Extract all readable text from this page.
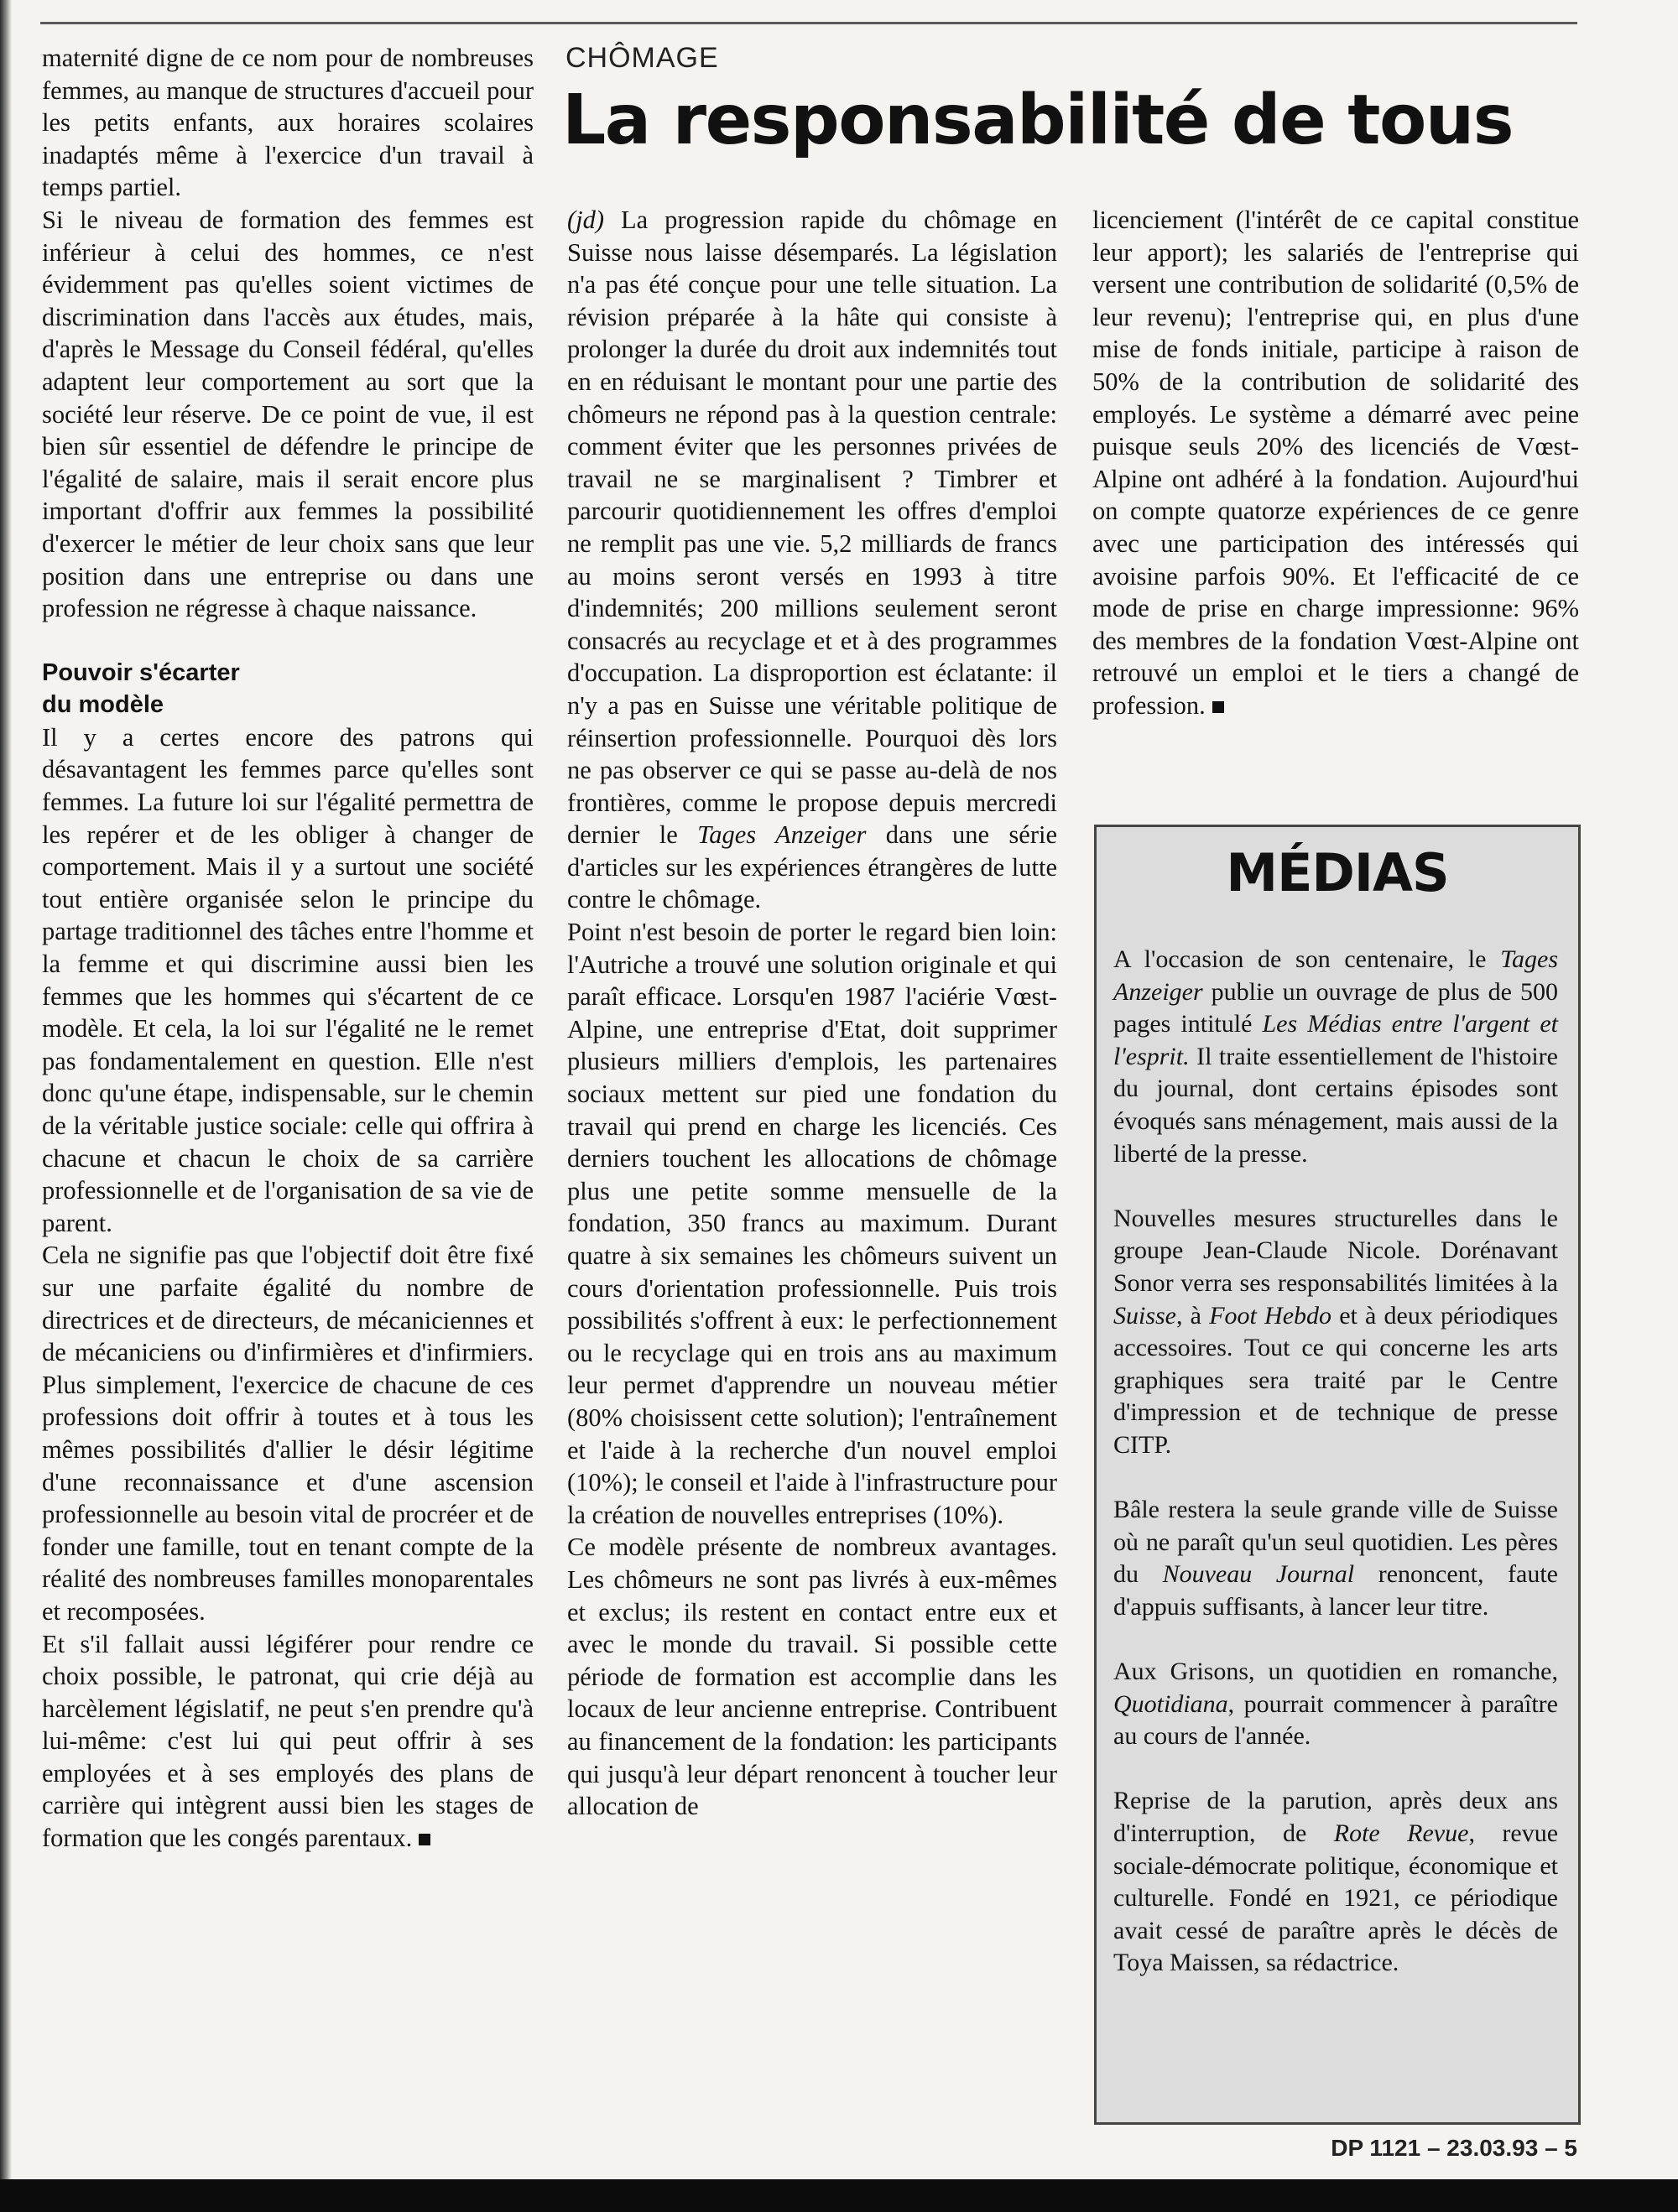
maternité digne de ce nom pour de nombreuses femmes, au manque de structures d'accueil pour les petits enfants, aux horaires scolaires inadaptés même à l'exercice d'un travail à temps partiel.

Si le niveau de formation des femmes est inférieur à celui des hommes, ce n'est évidemment pas qu'elles soient victimes de discrimination dans l'accès aux études, mais, d'après le Message du Conseil fédéral, qu'elles adaptent leur comportement au sort que la société leur réserve. De ce point de vue, il est bien sûr essentiel de défendre le principe de l'égalité de salaire, mais il serait encore plus important d'offrir aux femmes la possibilité d'exercer le métier de leur choix sans que leur position dans une entreprise ou dans une profession ne régresse à chaque naissance.

Pouvoir s'écarter
du modèle

Il y a certes encore des patrons qui désavantagent les femmes parce qu'elles sont femmes. La future loi sur l'égalité permettra de les repérer et de les obliger à changer de comportement. Mais il y a surtout une société tout entière organisée selon le principe du partage traditionnel des tâches entre l'homme et la femme et qui discrimine aussi bien les femmes que les hommes qui s'écartent de ce modèle. Et cela, la loi sur l'égalité ne le remet pas fondamentalement en question. Elle n'est donc qu'une étape, indispensable, sur le chemin de la véritable justice sociale: celle qui offrira à chacune et chacun le choix de sa carrière professionnelle et de l'organisation de sa vie de parent.

Cela ne signifie pas que l'objectif doit être fixé sur une parfaite égalité du nombre de directrices et de directeurs, de mécaniciennes et de mécaniciens ou d'infirmières et d'infirmiers. Plus simplement, l'exercice de chacune de ces professions doit offrir à toutes et à tous les mêmes possibilités d'allier le désir légitime d'une reconnaissance et d'une ascension professionnelle au besoin vital de procréer et de fonder une famille, tout en tenant compte de la réalité des nombreuses familles monoparentales et recomposées.

Et s'il fallait aussi légiférer pour rendre ce choix possible, le patronat, qui crie déjà au harcèlement législatif, ne peut s'en prendre qu'à lui-même: c'est lui qui peut offrir à ses employées et à ses employés des plans de carrière qui intègrent aussi bien les stages de formation que les congés parentaux.

CHÔMAGE
La responsabilité de tous

(jd) La progression rapide du chômage en Suisse nous laisse désemparés. La législation n'a pas été conçue pour une telle situation. La révision préparée à la hâte qui consiste à prolonger la durée du droit aux indemnités tout en en réduisant le montant pour une partie des chômeurs ne répond pas à la question centrale: comment éviter que les personnes privées de travail ne se marginalisent ? Timbrer et parcourir quotidiennement les offres d'emploi ne remplit pas une vie. 5,2 milliards de francs au moins seront versés en 1993 à titre d'indemnités; 200 millions seulement seront consacrés au recyclage et et à des programmes d'occupation. La disproportion est éclatante: il n'y a pas en Suisse une véritable politique de réinsertion professionnelle. Pourquoi dès lors ne pas observer ce qui se passe au-delà de nos frontières, comme le propose depuis mercredi dernier le Tages Anzeiger dans une série d'articles sur les expériences étrangères de lutte contre le chômage.

Point n'est besoin de porter le regard bien loin: l'Autriche a trouvé une solution originale et qui paraît efficace. Lorsqu'en 1987 l'aciérie Vœst-Alpine, une entreprise d'Etat, doit supprimer plusieurs milliers d'emplois, les partenaires sociaux mettent sur pied une fondation du travail qui prend en charge les licenciés. Ces derniers touchent les allocations de chômage plus une petite somme mensuelle de la fondation, 350 francs au maximum. Durant quatre à six semaines les chômeurs suivent un cours d'orientation professionnelle. Puis trois possibilités s'offrent à eux: le perfectionnement ou le recyclage qui en trois ans au maximum leur permet d'apprendre un nouveau métier (80% choisissent cette solution); l'entraînement et l'aide à la recherche d'un nouvel emploi (10%); le conseil et l'aide à l'infrastructure pour la création de nouvelles entreprises (10%).

Ce modèle présente de nombreux avantages. Les chômeurs ne sont pas livrés à eux-mêmes et exclus; ils restent en contact entre eux et avec le monde du travail. Si possible cette période de formation est accomplie dans les locaux de leur ancienne entreprise. Contribuent au financement de la fondation: les participants qui jusqu'à leur départ renoncent à toucher leur allocation de

licenciement (l'intérêt de ce capital constitue leur apport); les salariés de l'entreprise qui versent une contribution de solidarité (0,5% de leur revenu); l'entreprise qui, en plus d'une mise de fonds initiale, participe à raison de 50% de la contribution de solidarité des employés. Le système a démarré avec peine puisque seuls 20% des licenciés de Vœst-Alpine ont adhéré à la fondation. Aujourd'hui on compte quatorze expériences de ce genre avec une participation des intéressés qui avoisine parfois 90%. Et l'efficacité de ce mode de prise en charge impressionne: 96% des membres de la fondation Vœst-Alpine ont retrouvé un emploi et le tiers a changé de profession.

MÉDIAS

A l'occasion de son centenaire, le Tages Anzeiger publie un ouvrage de plus de 500 pages intitulé Les Médias entre l'argent et l'esprit. Il traite essentiellement de l'histoire du journal, dont certains épisodes sont évoqués sans ménagement, mais aussi de la liberté de la presse.

Nouvelles mesures structurelles dans le groupe Jean-Claude Nicole. Dorénavant Sonor verra ses responsabilités limitées à la Suisse, à Foot Hebdo et à deux périodiques accessoires. Tout ce qui concerne les arts graphiques sera traité par le Centre d'impression et de technique de presse CITP.

Bâle restera la seule grande ville de Suisse où ne paraît qu'un seul quotidien. Les pères du Nouveau Journal renoncent, faute d'appuis suffisants, à lancer leur titre.

Aux Grisons, un quotidien en romanche, Quotidiana, pourrait commencer à paraître au cours de l'année.

Reprise de la parution, après deux ans d'interruption, de Rote Revue, revue sociale-démocrate politique, économique et culturelle. Fondé en 1921, ce périodique avait cessé de paraître après le décès de Toya Maissen, sa rédactrice.

DP 1121 – 23.03.93 – 5
